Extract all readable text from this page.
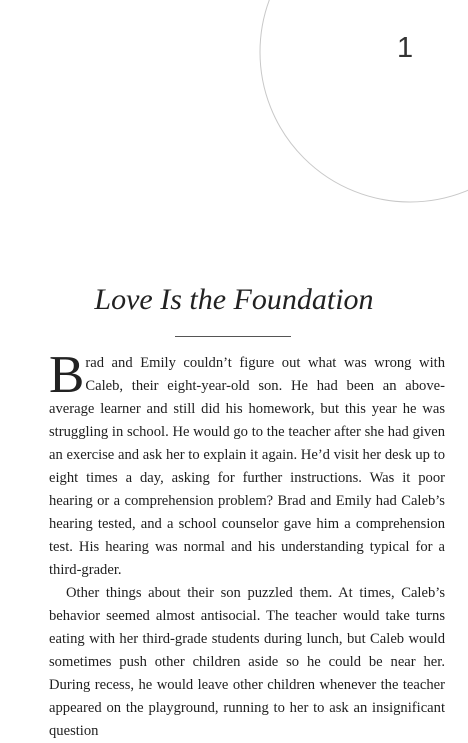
1
Love Is the Foundation

Brad and Emily couldn’t figure out what was wrong with Caleb, their eight-year-old son. He had been an above-average learner and still did his homework, but this year he was struggling in school. He would go to the teacher after she had given an exercise and ask her to explain it again. He’d visit her desk up to eight times a day, asking for further instructions. Was it poor hearing or a comprehension problem? Brad and Emily had Caleb’s hearing tested, and a school counselor gave him a comprehension test. His hearing was normal and his understanding typical for a third-grader.

Other things about their son puzzled them. At times, Caleb’s behavior seemed almost antisocial. The teacher would take turns eating with her third-grade students during lunch, but Caleb would sometimes push other children aside so he could be near her. During recess, he would leave other children whenever the teacher appeared on the playground, running to her to ask an insignificant question
